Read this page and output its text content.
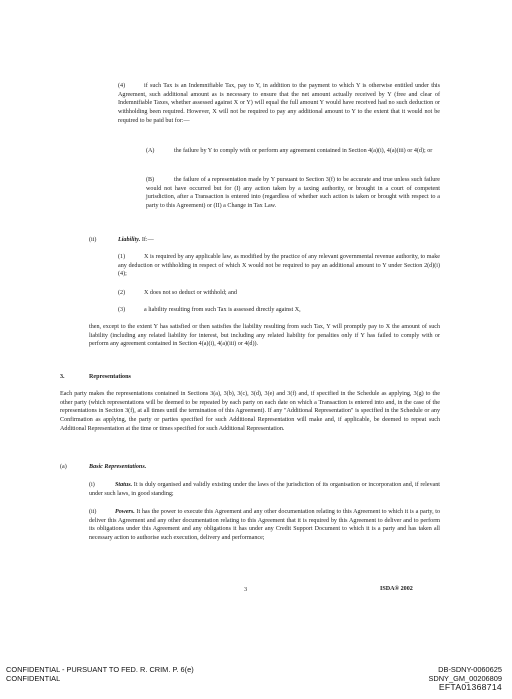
(4)	if such Tax is an Indemnifiable Tax, pay to Y, in addition to the payment to which Y is otherwise entitled under this Agreement, such additional amount as is necessary to ensure that the net amount actually received by Y (free and clear of Indemnifiable Taxes, whether assessed against X or Y) will equal the full amount Y would have received had no such deduction or withholding been required. However, X will not be required to pay any additional amount to Y to the extent that it would not be required to be paid but for:—

(A)	the failure by Y to comply with or perform any agreement contained in Section 4(a)(i), 4(a)(iii) or 4(d); or

(B)	the failure of a representation made by Y pursuant to Section 3(f) to be accurate and true unless such failure would not have occurred but for (I) any action taken by a taxing authority, or brought in a court of competent jurisdiction, after a Transaction is entered into (regardless of whether such action is taken or brought with respect to a party to this Agreement) or (II) a Change in Tax Law.

(ii)	Liability. If:—
(1)	X is required by any applicable law, as modified by the practice of any relevant governmental revenue authority, to make any deduction or withholding in respect of which X would not be required to pay an additional amount to Y under Section 2(d)(i)(4);

(2)	X does not so deduct or withhold; and
(3)	a liability resulting from such Tax is assessed directly against X,

then, except to the extent Y has satisfied or then satisfies the liability resulting from such Tax, Y will promptly pay to X the amount of such liability (including any related liability for interest, but including any related liability for penalties only if Y has failed to comply with or perform any agreement contained in Section 4(a)(i), 4(a)(iii) or 4(d)).

3.	Representations

Each party makes the representations contained in Sections 3(a), 3(b), 3(c), 3(d), 3(e) and 3(f) and, if specified in the Schedule as applying, 3(g) to the other party (which representations will be deemed to be repeated by each party on each date on which a Transaction is entered into and, in the case of the representations in Section 3(f), at all times until the termination of this Agreement). If any "Additional Representation" is specified in the Schedule or any Confirmation as applying, the party or parties specified for such Additional Representation will make and, if applicable, be deemed to repeat such Additional Representation at the time or times specified for such Additional Representation.

(a)	Basic Representations.
(i)	Status. It is duly organised and validly existing under the laws of the jurisdiction of its organisation or incorporation and, if relevant under such laws, in good standing;

(ii)	Powers. It has the power to execute this Agreement and any other documentation relating to this Agreement to which it is a party, to deliver this Agreement and any other documentation relating to this Agreement that it is required by this Agreement to deliver and to perform its obligations under this Agreement and any obligations it has under any Credit Support Document to which it is a party and has taken all necessary action to authorise such execution, delivery and performance;

3	ISDA® 2002
CONFIDENTIAL - PURSUANT TO FED. R. CRIM. P. 6(e)
CONFIDENTIAL
DB-SDNY-0060625
SDNY_GM_00206809
EFTA01368714
